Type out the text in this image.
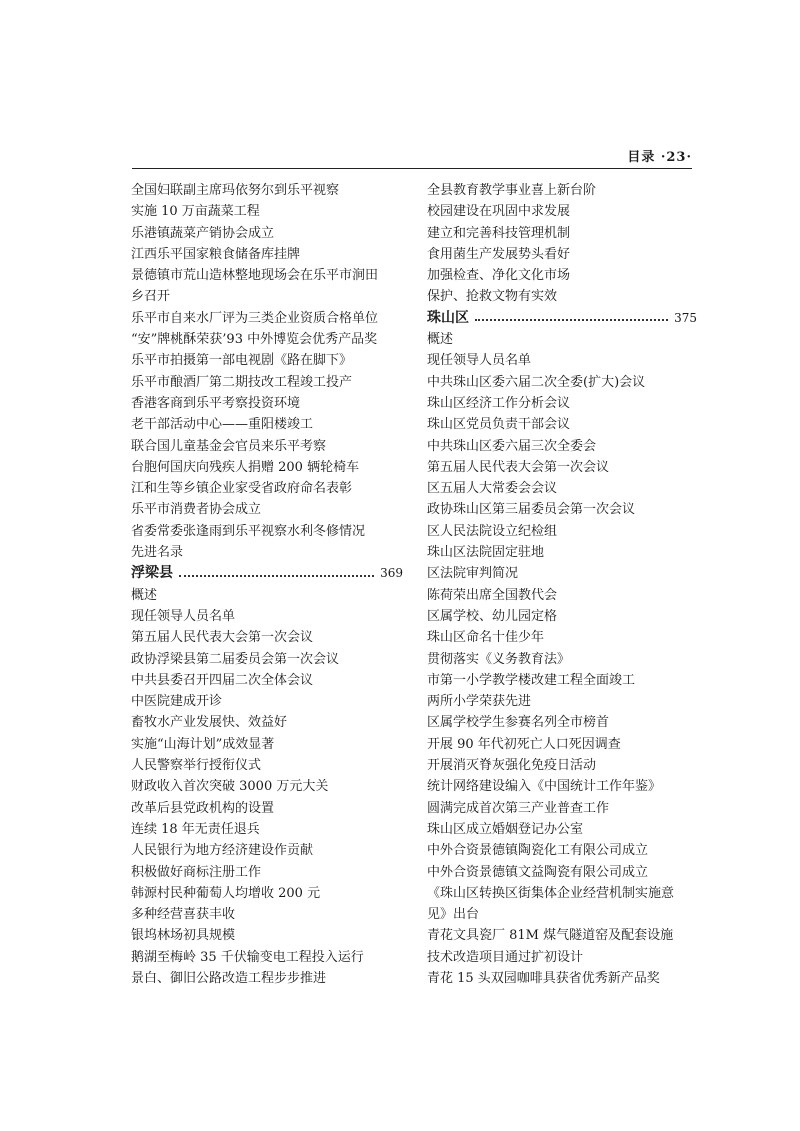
目录 ·23·
全国妇联副主席玛依努尔到乐平视察
实施 10 万亩蔬菜工程
乐港镇蔬菜产销协会成立
江西乐平国家粮食储备库挂牌
景德镇市荒山造林整地现场会在乐平市涧田
乡召开
乐平市自来水厂评为三类企业资质合格单位
“安”牌桃酥荣获’93 中外博览会优秀产品奖
乐平市拍摄第一部电视剧《路在脚下》
乐平市酿酒厂第二期技改工程竣工投产
香港客商到乐平考察投资环境
老干部活动中心——重阳楼竣工
联合国儿童基金会官员来乐平考察
台胞何国庆向残疾人捐赠 200 辆轮椅车
江和生等乡镇企业家受省政府命名表彰
乐平市消费者协会成立
省委常委张逢雨到乐平视察水利冬修情况
先进名录
浮梁县	369
概述
现任领导人员名单
第五届人民代表大会第一次会议
政协浮梁县第二届委员会第一次会议
中共县委召开四届二次全体会议
中医院建成开诊
畜牧水产业发展快、效益好
实施“山海计划”成效显著
人民警察举行授衔仪式
财政收入首次突破 3000 万元大关
改革后县党政机构的设置
连续 18 年无责任退兵
人民银行为地方经济建设作贡献
积极做好商标注册工作
韩源村民种葡萄人均增收 200 元
多种经营喜获丰收
银坞林场初具规模
鹅湖至梅岭 35 千伏输变电工程投入运行
景白、御旧公路改造工程步步推进
全县教育教学事业喜上新台阶
校园建设在巩固中求发展
建立和完善科技管理机制
食用菌生产发展势头看好
加强检查、净化文化市场
保护、抢救文物有实效
珠山区	375
概述
现任领导人员名单
中共珠山区委六届二次全委(扩大)会议
珠山区经济工作分析会议
珠山区党员负责干部会议
中共珠山区委六届三次全委会
第五届人民代表大会第一次会议
区五届人大常委会会议
政协珠山区第三届委员会第一次会议
区人民法院设立纪检组
珠山区法院固定驻地
区法院审判简况
陈荷荣出席全国教代会
区属学校、幼儿园定格
珠山区命名十佳少年
贯彻落实《义务教育法》
市第一小学教学楼改建工程全面竣工
两所小学荣获先进
区属学校学生参赛名列全市榜首
开展 90 年代初死亡人口死因调查
开展消灭脊灰强化免疫日活动
统计网络建设编入《中国统计工作年鉴》
圆满完成首次第三产业普查工作
珠山区成立婚姻登记办公室
中外合资景德镇陶瓷化工有限公司成立
中外合资景德镇文益陶瓷有限公司成立
《珠山区转换区街集体企业经营机制实施意
见》出台
青花文具瓷厂 81M 煤气隧道窑及配套设施
技术改造项目通过扩初设计
青花 15 头双园咖啡具获省优秀新产品奖
